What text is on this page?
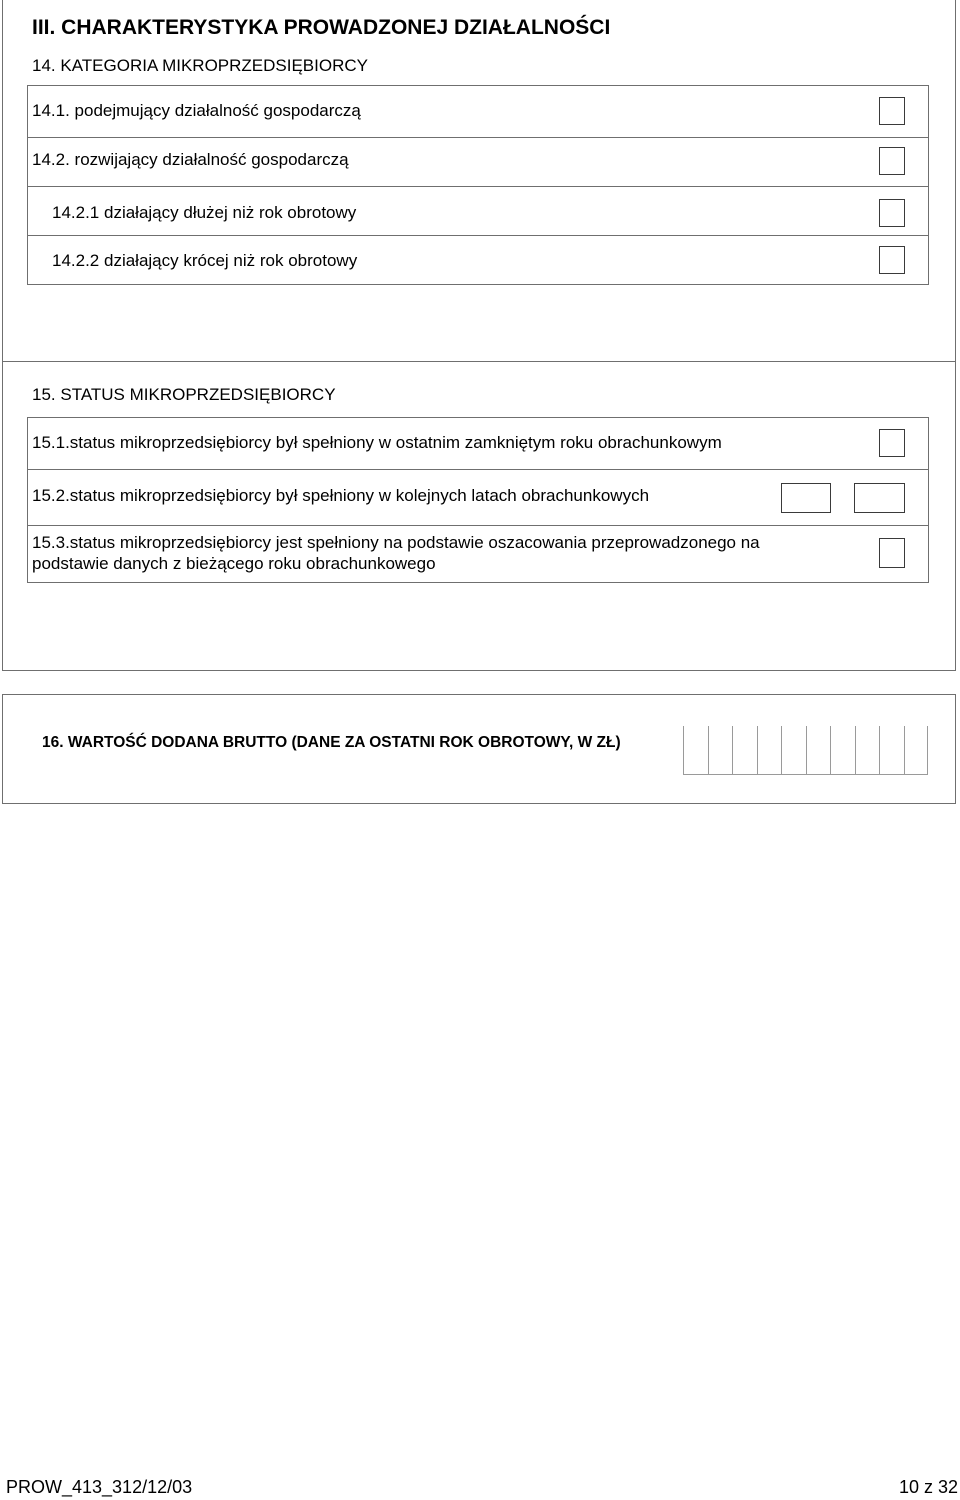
III. CHARAKTERYSTYKA PROWADZONEJ DZIAŁALNOŚCI
14. KATEGORIA MIKROPRZEDSIĘBIORCY
14.1. podejmujący działalność gospodarczą
14.2. rozwijający działalność gospodarczą
14.2.1 działający dłużej niż rok obrotowy
14.2.2 działający krócej niż rok obrotowy
15. STATUS MIKROPRZEDSIĘBIORCY
15.1.status mikroprzedsiębiorcy był spełniony w ostatnim zamkniętym roku obrachunkowym
15.2.status mikroprzedsiębiorcy był spełniony w kolejnych latach obrachunkowych
15.3.status mikroprzedsiębiorcy jest spełniony na podstawie oszacowania przeprowadzonego na
podstawie danych z bieżącego roku obrachunkowego
16. WARTOŚĆ DODANA BRUTTO (DANE ZA OSTATNI ROK OBROTOWY, W ZŁ)
PROW_413_312/12/03	10 z 32
